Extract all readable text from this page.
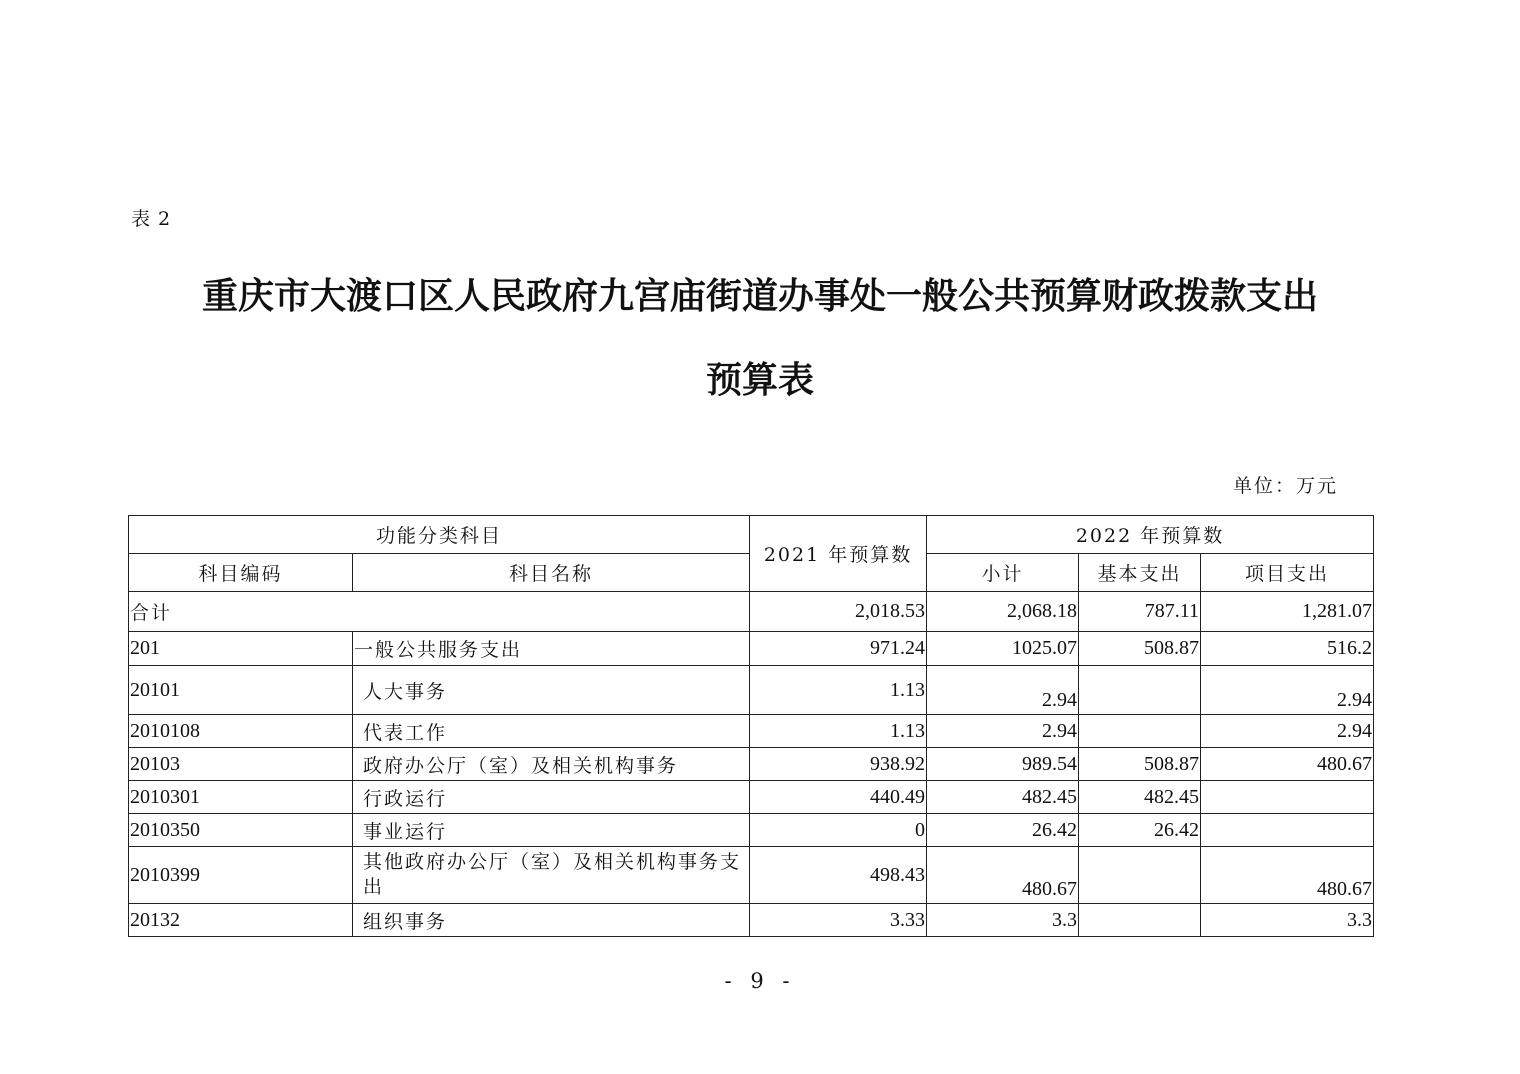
表 2
重庆市大渡口区人民政府九宫庙街道办事处一般公共预算财政拨款支出
预算表
单位：万元
功能分类科目		2021 年预算数	2022 年预算数		
科目编码	科目名称		小计	基本支出	项目支出
合计		2,018.53	2,068.18	787.11	1,281.07
201	一般公共服务支出	971.24	1025.07	508.87	516.2
20101	人大事务	1.13	2.94		2.94
2010108	代表工作	1.13	2.94		2.94
20103	政府办公厅（室）及相关机构事务	938.92	989.54	508.87	480.67
2010301	行政运行	440.49	482.45	482.45	
2010350	事业运行	0	26.42	26.42	
2010399	其他政府办公厅（室）及相关机构事务支出	498.43	480.67		480.67
20132	组织事务	3.33	3.3		3.3
- 9 -
